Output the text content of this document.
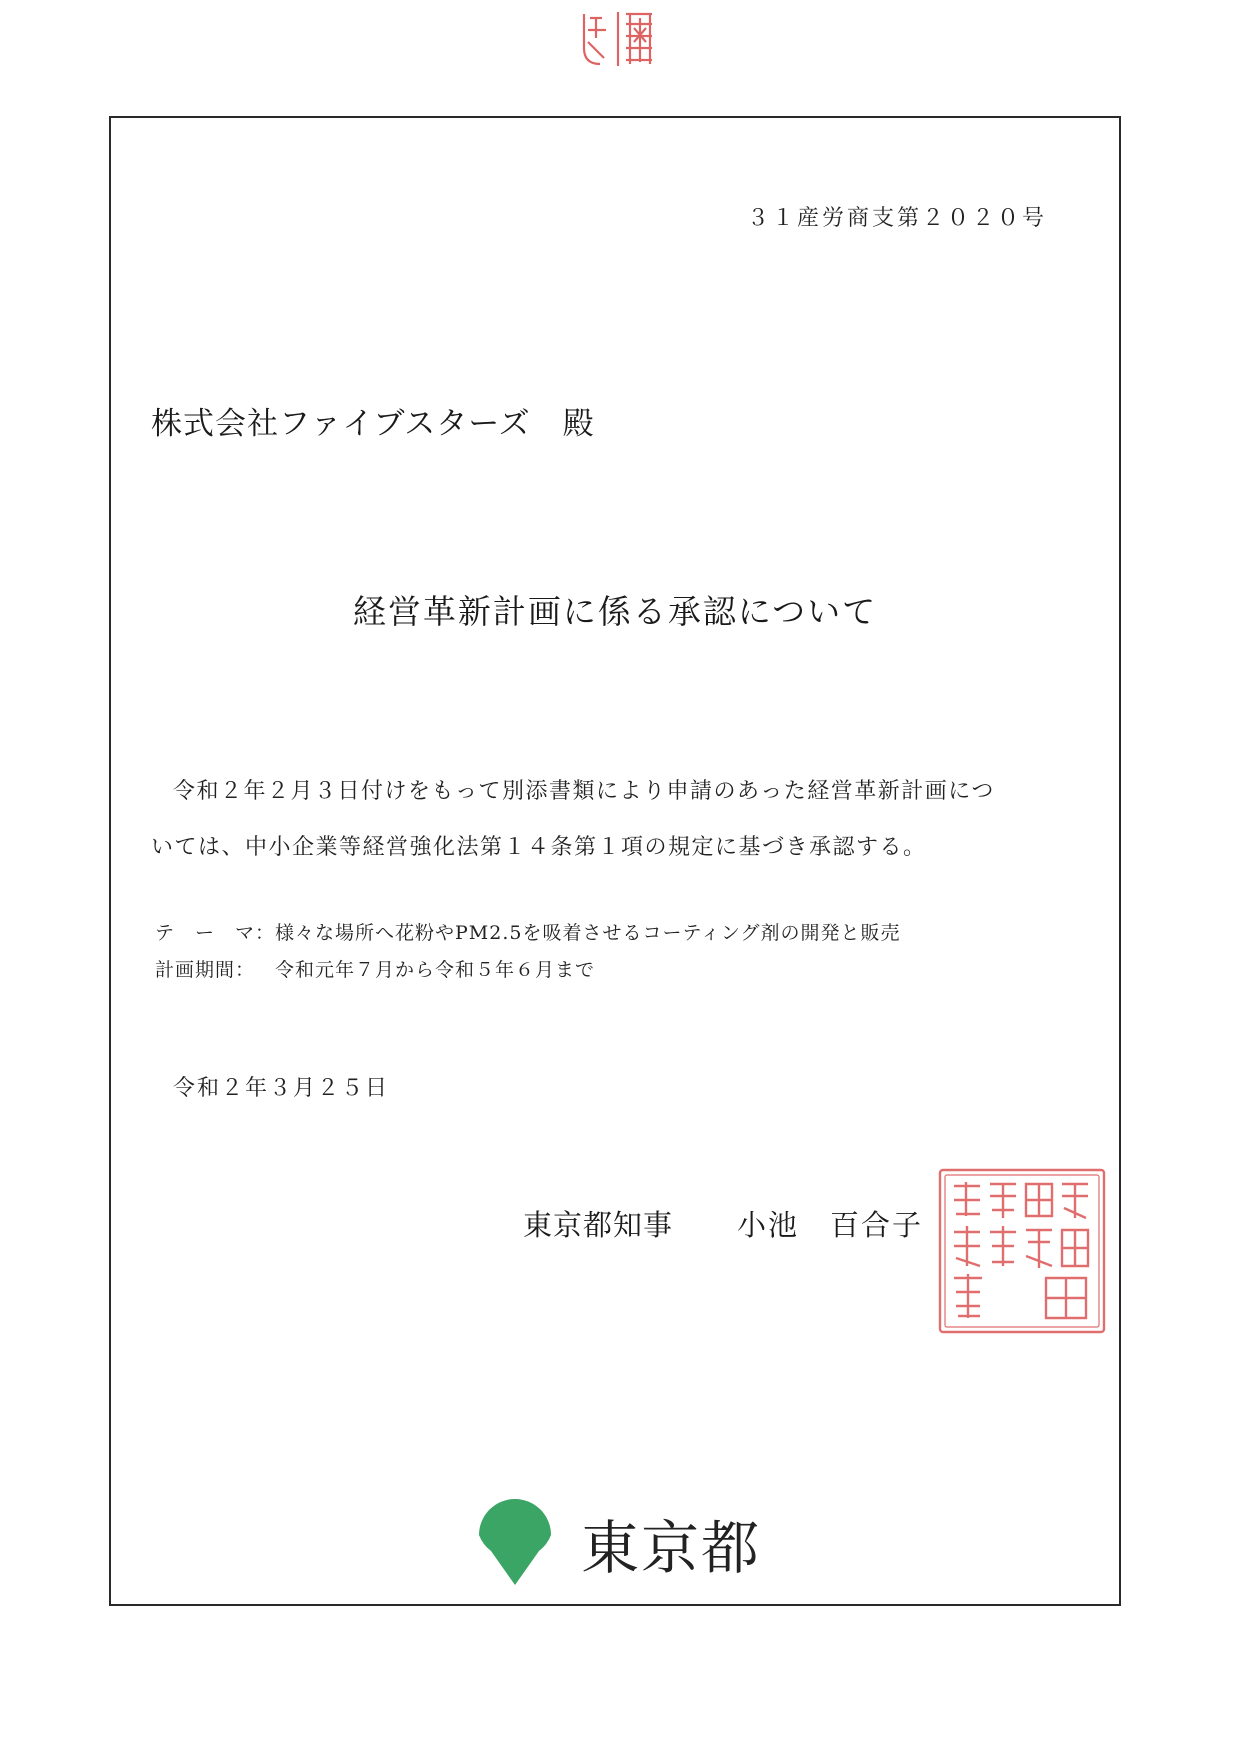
３１産労商支第２０２０号
株式会社ファイブスターズ　殿
経営革新計画に係る承認について
令和２年２月３日付けをもって別添書類により申請のあった経営革新計画につ
いては、中小企業等経営強化法第１４条第１項の規定に基づき承認する。
テ　ー　マ：様々な場所へ花粉やPM2.5を吸着させるコーティング剤の開発と販売
計画期間： 令和元年７月から令和５年６月まで
令和２年３月２５日
東京都知事 小池　百合子
東京都
